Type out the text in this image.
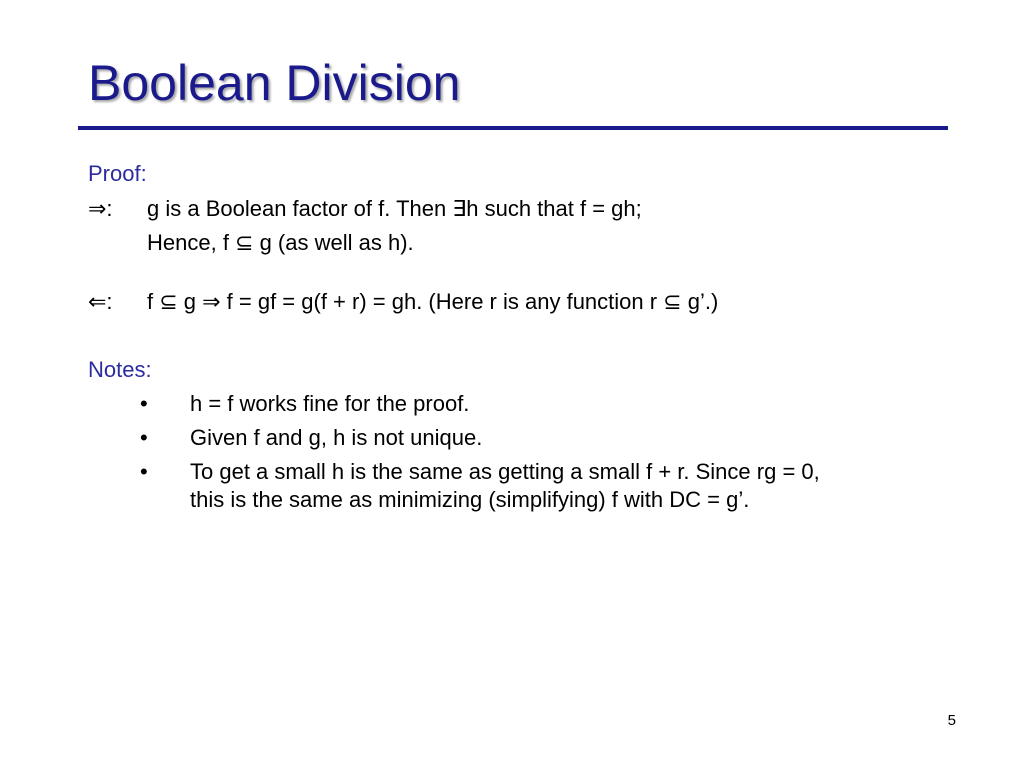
Boolean Division
Proof:
⇒: g is a Boolean factor of f. Then ∃h such that f = gh;
Hence, f ⊆ g (as well as h).
⇐: f ⊆ g ⇒ f = gf = g(f + r) = gh. (Here r is any function r ⊆ g’.)
Notes:
• h = f works fine for the proof.
• Given f and g, h is not unique.
• To get a small h is the same as getting a small f + r. Since rg = 0,
this is the same as minimizing (simplifying) f with DC = g’.
5
